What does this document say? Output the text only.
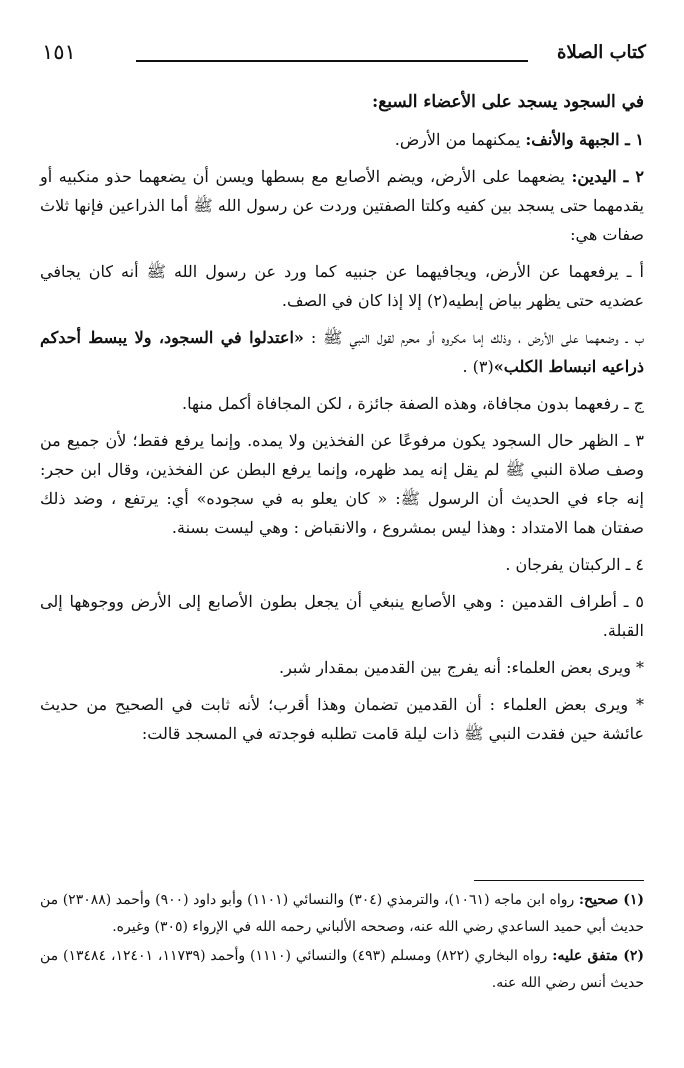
١٥١	كتاب الصلاة

في السجود يسجد على الأعضاء السبع:

١ ـ الجبهة والأنف: يمكنهما من الأرض.

٢ ـ اليدين: يضعهما على الأرض، ويضم الأصابع مع بسطها ويسن أن يضعهما حذو منكبيه أو يقدمهما حتى يسجد بين كفيه وكلتا الصفتين وردت عن رسول الله ﷺ أما الذراعين فإنها ثلاث صفات هي:

أ ـ يرفعهما عن الأرض، ويجافيهما عن جنبيه كما ورد عن رسول الله ﷺ أنه كان يجافي عضديه حتى يظهر بياض إبطيه(٢) إلا إذا كان في الصف.

ب ـ وضعهما على الأرض ، وذلك إما مكروه أو محرم لقول النبي ﷺ : «اعتدلوا في السجود، ولا يبسط أحدكم ذراعيه انبساط الكلب»(٣) .

ج ـ رفعهما بدون مجافاة، وهذه الصفة جائزة ، لكن المجافاة أكمل منها.

٣ ـ الظهر حال السجود يكون مرفوعًا عن الفخذين ولا يمده. وإنما يرفع فقط؛ لأن جميع من وصف صلاة النبي ﷺ لم يقل إنه يمد ظهره، وإنما يرفع البطن عن الفخذين، وقال ابن حجر: إنه جاء في الحديث أن الرسول ﷺ: « كان يعلو به في سجوده» أي: يرتفع ، وضد ذلك صفتان هما الامتداد : وهذا ليس بمشروع ، والانقباض : وهي ليست بسنة.

٤ ـ الركبتان يفرجان .

٥ ـ أطراف القدمين : وهي الأصابع ينبغي أن يجعل بطون الأصابع إلى الأرض ووجوهها إلى القبلة.

* ويرى بعض العلماء: أنه يفرج بين القدمين بمقدار شبر.

* ويرى بعض العلماء : أن القدمين تضمان وهذا أقرب؛ لأنه ثابت في الصحيح من حديث عائشة حين فقدت النبي ﷺ ذات ليلة قامت تطلبه فوجدته في المسجد قالت:

(١) صحيح: رواه ابن ماجه (١٠٦١)، والترمذي (٣٠٤) والنسائي (١١٠١) وأبو داود (٩٠٠) وأحمد (٢٣٠٨٨) من حديث أبي حميد الساعدي رضي الله عنه، وصححه الألباني رحمه الله في الإرواء (٣٠٥) وغيره.

(٢) متفق عليه: رواه البخاري (٨٢٢) ومسلم (٤٩٣) والنسائي (١١١٠) وأحمد (١١٧٣٩، ١٢٤٠١، ١٣٤٨٤) من حديث أنس رضي الله عنه.
